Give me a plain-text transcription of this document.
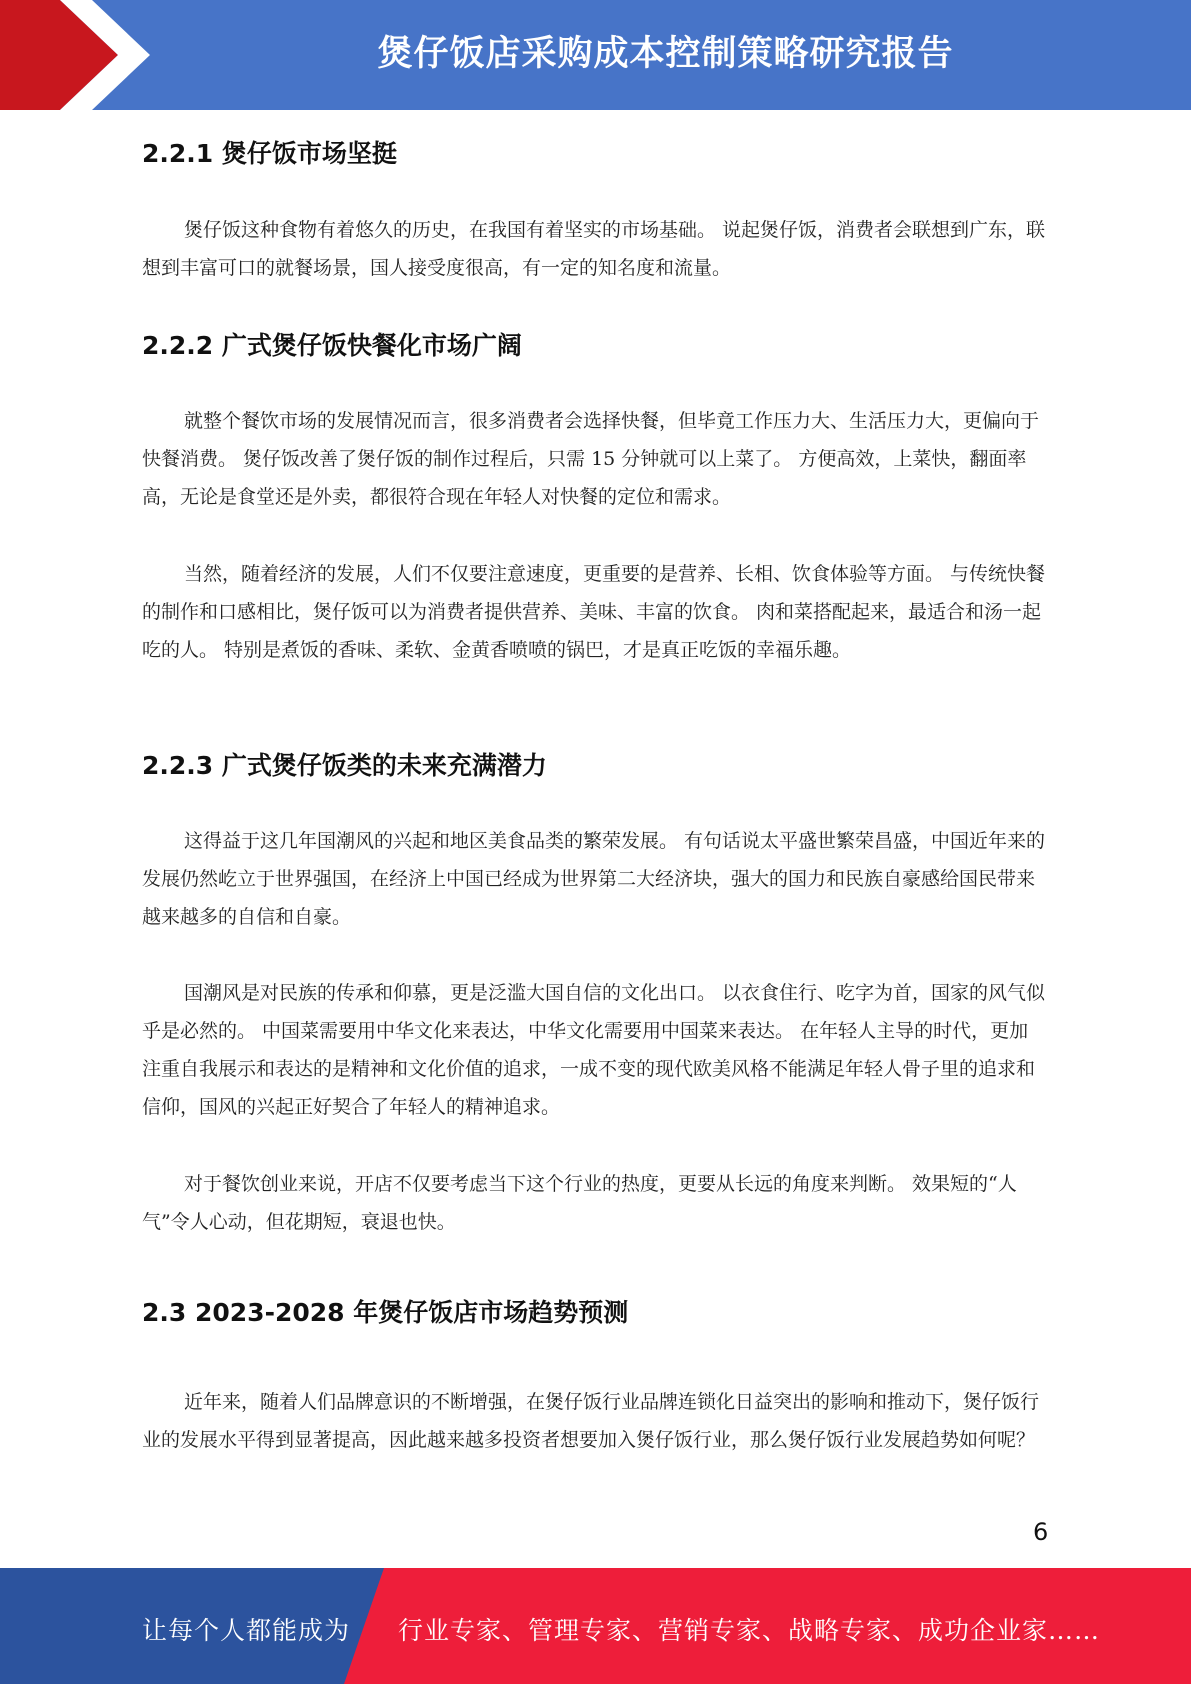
煲仔饭店采购成本控制策略研究报告
2.2.1 煲仔饭市场坚挺

煲仔饭这种食物有着悠久的历史，在我国有着坚实的市场基础。 说起煲仔饭，消费者会联想到广东，联想到丰富可口的就餐场景，国人接受度很高，有一定的知名度和流量。

2.2.2 广式煲仔饭快餐化市场广阔

就整个餐饮市场的发展情况而言，很多消费者会选择快餐，但毕竟工作压力大、生活压力大，更偏向于快餐消费。 煲仔饭改善了煲仔饭的制作过程后，只需 15 分钟就可以上菜了。 方便高效，上菜快，翻面率高，无论是食堂还是外卖，都很符合现在年轻人对快餐的定位和需求。

当然，随着经济的发展，人们不仅要注意速度，更重要的是营养、长相、饮食体验等方面。 与传统快餐的制作和口感相比，煲仔饭可以为消费者提供营养、美味、丰富的饮食。 肉和菜搭配起来，最适合和汤一起吃的人。 特别是煮饭的香味、柔软、金黄香喷喷的锅巴，才是真正吃饭的幸福乐趣。

2.2.3 广式煲仔饭类的未来充满潜力

这得益于这几年国潮风的兴起和地区美食品类的繁荣发展。 有句话说太平盛世繁荣昌盛，中国近年来的发展仍然屹立于世界强国，在经济上中国已经成为世界第二大经济块，强大的国力和民族自豪感给国民带来越来越多的自信和自豪。

国潮风是对民族的传承和仰慕，更是泛滥大国自信的文化出口。 以衣食住行、吃字为首，国家的风气似乎是必然的。 中国菜需要用中华文化来表达，中华文化需要用中国菜来表达。 在年轻人主导的时代，更加注重自我展示和表达的是精神和文化价值的追求，一成不变的现代欧美风格不能满足年轻人骨子里的追求和信仰，国风的兴起正好契合了年轻人的精神追求。

对于餐饮创业来说，开店不仅要考虑当下这个行业的热度，更要从长远的角度来判断。 效果短的“人气”令人心动，但花期短，衰退也快。

2.3 2023-2028 年煲仔饭店市场趋势预测

近年来，随着人们品牌意识的不断增强，在煲仔饭行业品牌连锁化日益突出的影响和推动下，煲仔饭行业的发展水平得到显著提高，因此越来越多投资者想要加入煲仔饭行业，那么煲仔饭行业发展趋势如何呢？

6
让每个人都能成为 行业专家、管理专家、营销专家、战略专家、成功企业家……
